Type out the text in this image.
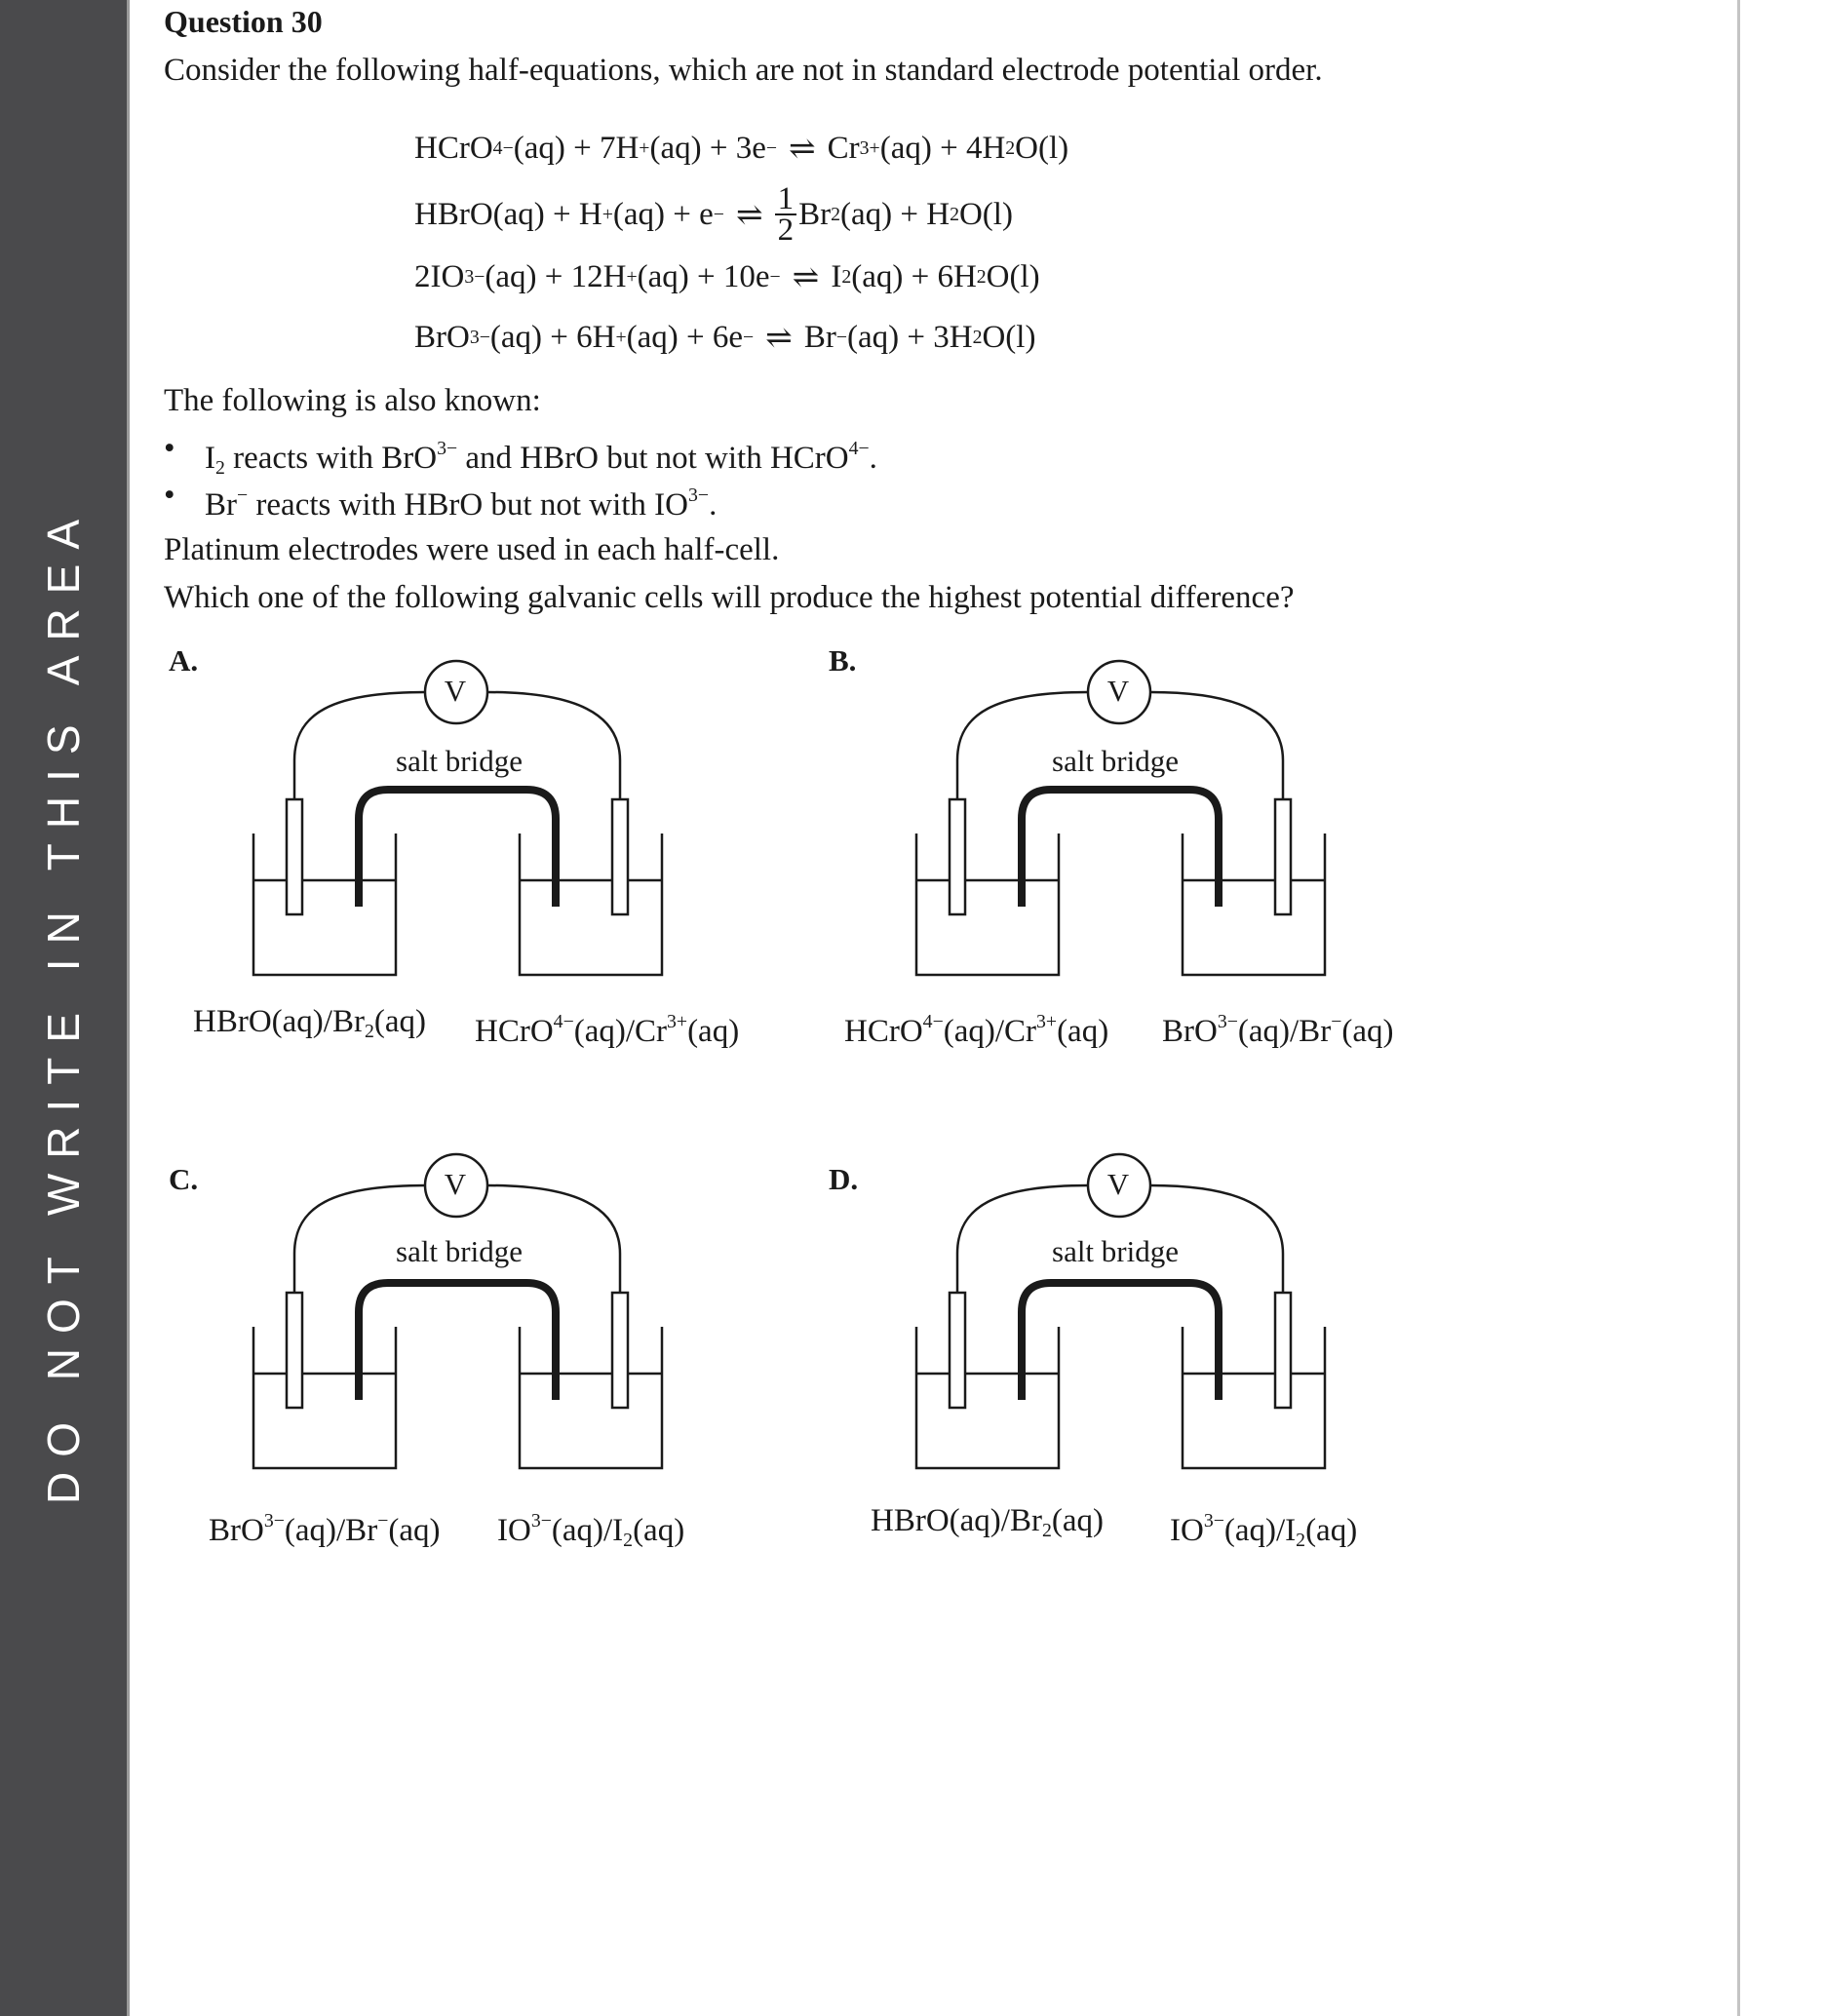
DO NOT WRITE IN THIS AREA
Question 30
Consider the following half-equations, which are not in standard electrode potential order.
HCrO 4− (aq) + 7H + (aq) + 3e − ⇌ Cr 3+ (aq) + 4H 2 O(l)
HBrO(aq) + H + (aq) + e − ⇌ $\frac{1}{2}$ Br 2 (aq) + H 2 O(l)
2IO 3− (aq) + 12H + (aq) + 10e − ⇌ I 2 (aq) + 6H 2 O(l)
BrO 3− (aq) + 6H + (aq) + 6e − ⇌ Br − (aq) + 3H 2 O(l)
The following is also known:
• $I_2$ reacts with BrO$^{3-}$ and HBrO but not with HCrO$^{4-}$.
• Br− reacts with HBrO but not with $IO^{3-}$.
Platinum electrodes were used in each half-cell.
Which one of the following galvanic cells will produce the highest potential difference?
A.
V
salt bridge
$HBrO(aq)/Br_2(aq)$ $HCrO^{4-}(aq)/Cr^{3+}(aq)$
B.
V
salt bridge
$HCrO^{4-}(aq)/Cr^{3+}(aq)$ BrO$^{3-}$(aq)/Br−(aq)
C.	V
salt bridge
BrO$^{3-}$(aq)/Br−(aq) $IO^{3-}(aq)/I_2(aq)$
D.	V
salt bridge
$HBrO(aq)/Br_2(aq)$ $IO^{3-}(aq)/I_2(aq)$
